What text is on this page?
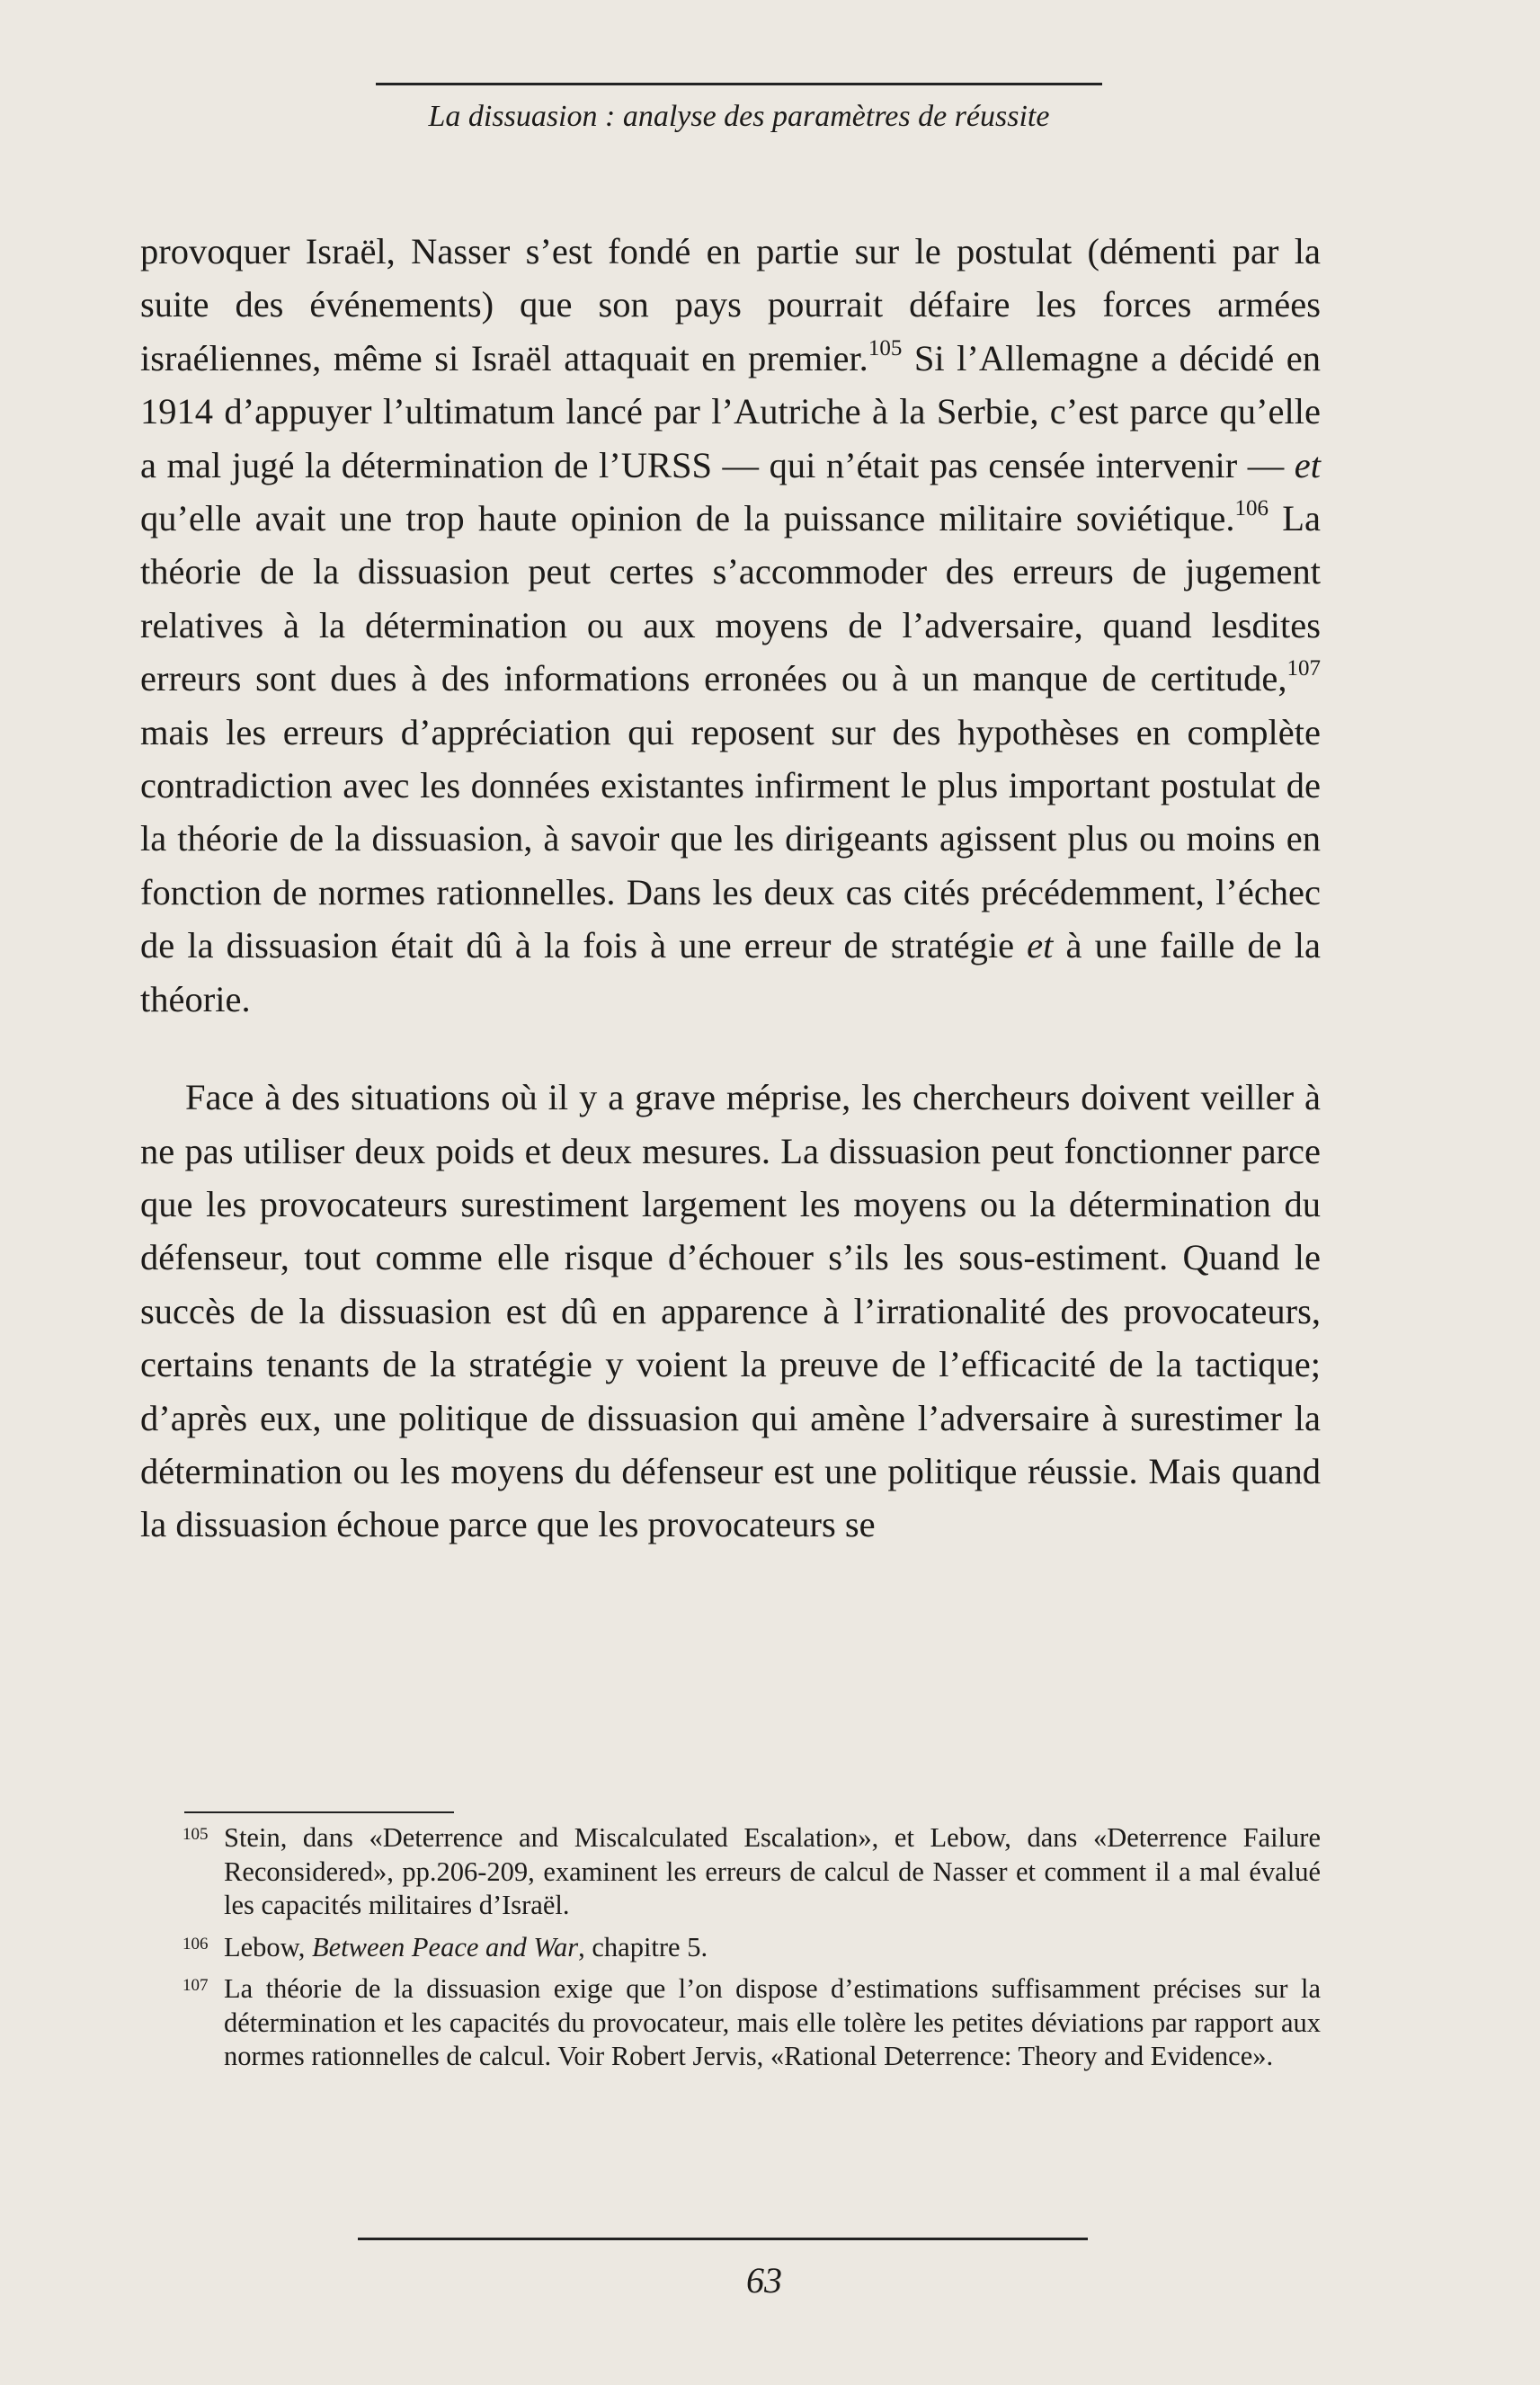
La dissuasion : analyse des paramètres de réussite

provoquer Israël, Nasser s’est fondé en partie sur le postulat (démenti par la suite des événements) que son pays pourrait défaire les forces armées israéliennes, même si Israël attaquait en premier.$^{105}$ Si l’Allemagne a décidé en 1914 d’appuyer l’ultimatum lancé par l’Autriche à la Serbie, c’est parce qu’elle a mal jugé la détermination de l’URSS — qui n’était pas censée intervenir — et qu’elle avait une trop haute opinion de la puissance militaire soviétique.$^{106}$ La théorie de la dissuasion peut certes s’accommoder des erreurs de jugement relatives à la détermination ou aux moyens de l’adversaire, quand lesdites erreurs sont dues à des informations erronées ou à un manque de certitude,$^{107}$ mais les erreurs d’appréciation qui reposent sur des hypothèses en complète contradiction avec les données existantes infirment le plus important postulat de la théorie de la dissuasion, à savoir que les dirigeants agissent plus ou moins en fonction de normes rationnelles. Dans les deux cas cités précédemment, l’échec de la dissuasion était dû à la fois à une erreur de stratégie et à une faille de la théorie.

Face à des situations où il y a grave méprise, les chercheurs doivent veiller à ne pas utiliser deux poids et deux mesures. La dissuasion peut fonctionner parce que les provocateurs surestiment largement les moyens ou la détermination du défenseur, tout comme elle risque d’échouer s’ils les sous-estiment. Quand le succès de la dissuasion est dû en apparence à l’irrationalité des provocateurs, certains tenants de la stratégie y voient la preuve de l’efficacité de la tactique; d’après eux, une politique de dissuasion qui amène l’adversaire à surestimer la détermination ou les moyens du défenseur est une politique réussie. Mais quand la dissuasion échoue parce que les provocateurs se

105 Stein, dans «Deterrence and Miscalculated Escalation», et Lebow, dans «Deterrence Failure Reconsidered», pp.206-209, examinent les erreurs de calcul de Nasser et comment il a mal évalué les capacités militaires d’Israël.
106 Lebow, Between Peace and War, chapitre 5.
107 La théorie de la dissuasion exige que l’on dispose d’estimations suffisamment précises sur la détermination et les capacités du provocateur, mais elle tolère les petites déviations par rapport aux normes rationnelles de calcul. Voir Robert Jervis, «Rational Deterrence: Theory and Evidence».
63
